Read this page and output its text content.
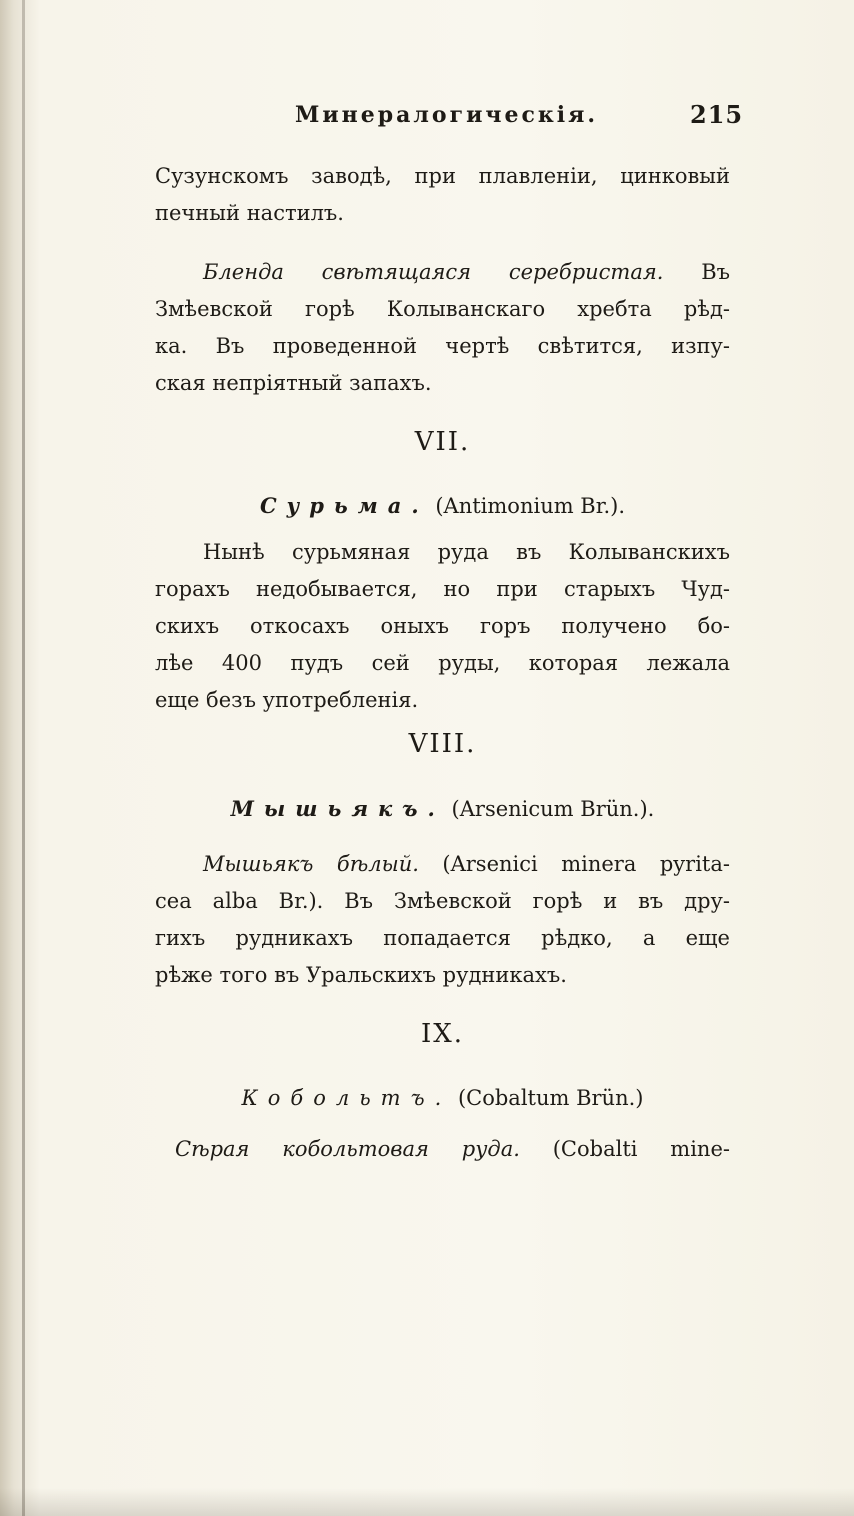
Минералогическія.	215
Сузунскомъ заводѣ, при плавленіи, цинковый
печный настилъ.
Бленда свѣтящаяся серебристая. Въ
Змѣевской горѣ Колыванскаго хребта рѣд-
ка. Въ проведенной чертѣ свѣтится, изпу-
ская непріятный запахъ.
VII.
Сурьма. (Antimonium Br.).
Нынѣ сурьмяная руда въ Колыванскихъ
горахъ недобывается, но при старыхъ Чуд-
скихъ откосахъ оныхъ горъ получено бо-
лѣе 400 пудъ сей руды, которая лежала
еще безъ употребленія.
VIII.
Мышьякъ. (Arsenicum Brün.).
Мышьякъ бѣлый. (Arsenici minera pyrita-
cea alba Br.). Въ Змѣевской горѣ и въ дру-
гихъ рудникахъ попадается рѣдко, а еще
рѣже того въ Уральскихъ рудникахъ.
IX.
Кобольтъ. (Cobaltum Brün.)
Сѣрая кобольтовая руда. (Cobalti mine-
